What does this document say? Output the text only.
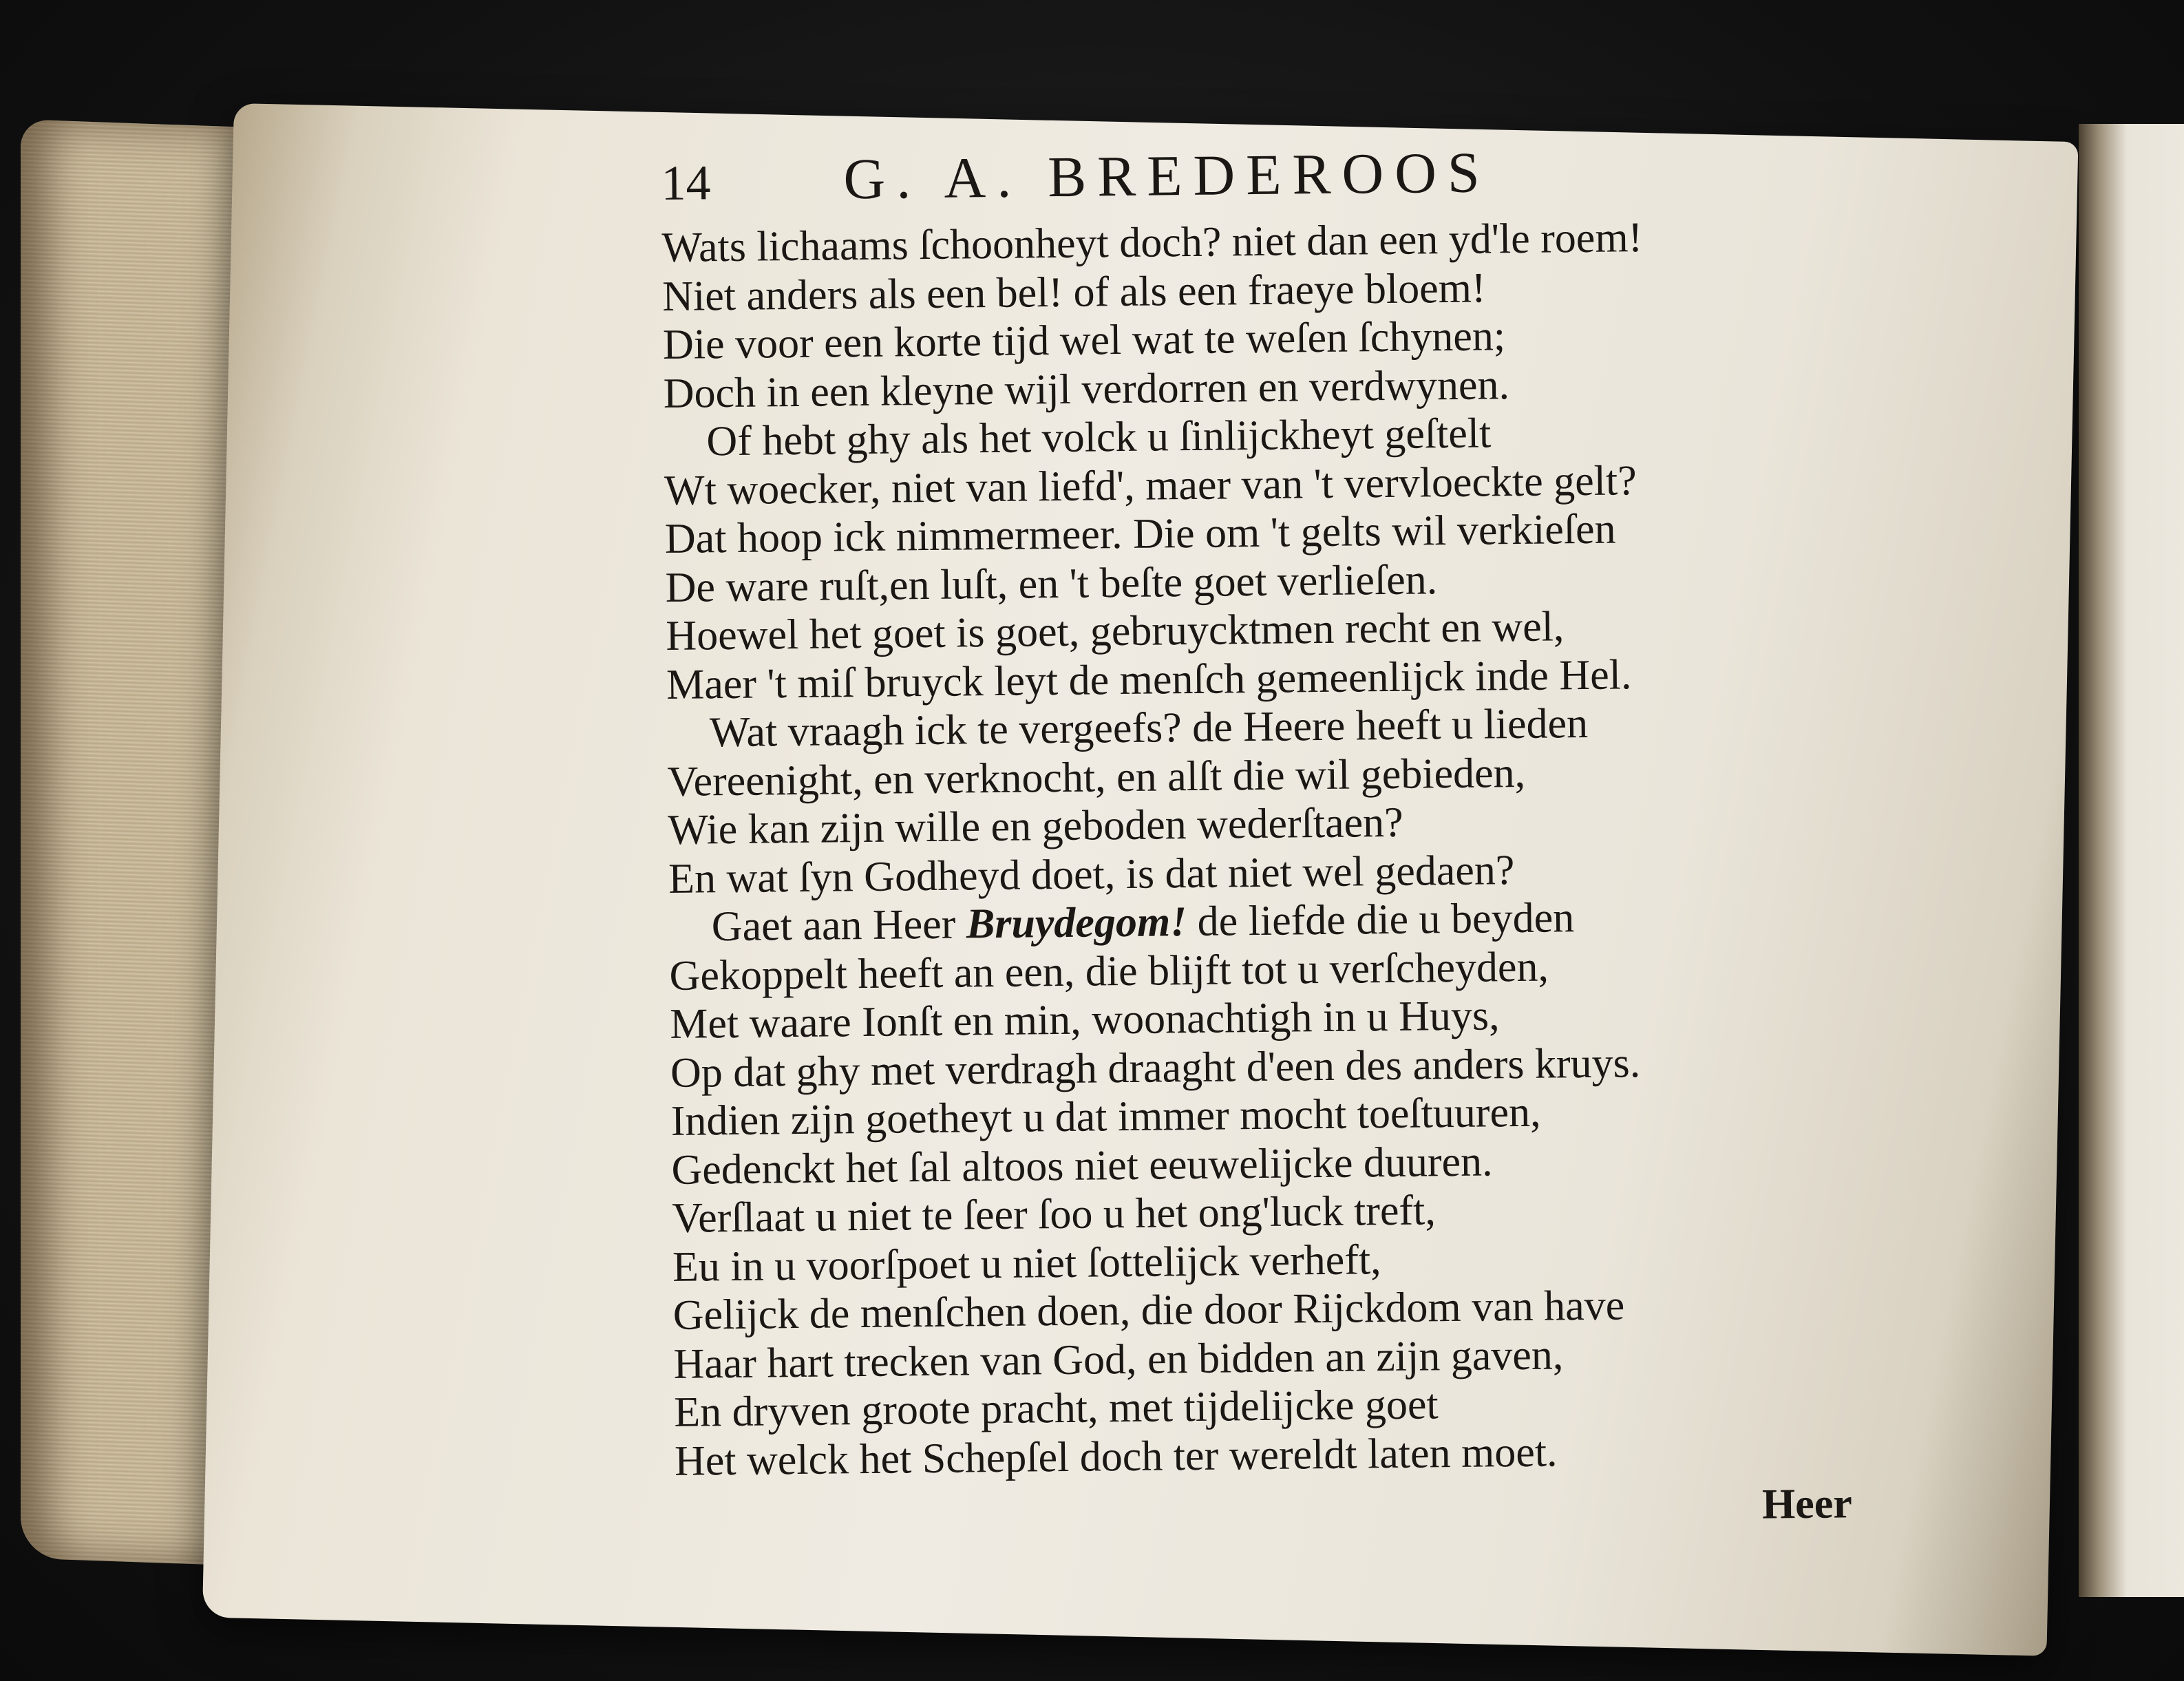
14 G. A. BREDEROOS
Wats lichaams ſchoonheyt doch? niet dan een yd'le roem!
Niet anders als een bel! of als een fraeye bloem!
Die voor een korte tijd wel wat te weſen ſchynen;
Doch in een kleyne wijl verdorren en verdwynen.
Of hebt ghy als het volck u ſinlijckheyt geſtelt
Wt woecker, niet van liefd', maer van 't vervloeckte gelt?
Dat hoop ick nimmermeer. Die om 't gelts wil verkieſen
De ware ruſt,en luſt, en 't beſte goet verlieſen.
Hoewel het goet is goet, gebruycktmen recht en wel,
Maer 't miſ bruyck leyt de menſch gemeenlijck inde Hel.
Wat vraagh ick te vergeefs? de Heere heeft u lieden
Vereenight, en verknocht, en alſt die wil gebieden,
Wie kan zijn wille en geboden wederſtaen?
En wat ſyn Godheyd doet, is dat niet wel gedaen?
Gaet aan Heer Bruydegom! de liefde die u beyden
Gekoppelt heeft an een, die blijft tot u verſcheyden,
Met waare Ionſt en min, woonachtigh in u Huys,
Op dat ghy met verdragh draaght d'een des anders kruys.
Indien zijn goetheyt u dat immer mocht toeſtuuren,
Gedenckt het ſal altoos niet eeuwelijcke duuren.
Verſlaat u niet te ſeer ſoo u het ong'luck treft,
Eu in u voorſpoet u niet ſottelijck verheft,
Gelijck de menſchen doen, die door Rijckdom van have
Haar hart trecken van God, en bidden an zijn gaven,
En dryven groote pracht, met tijdelijcke goet
Het welck het Schepſel doch ter wereldt laten moet.
Heer
